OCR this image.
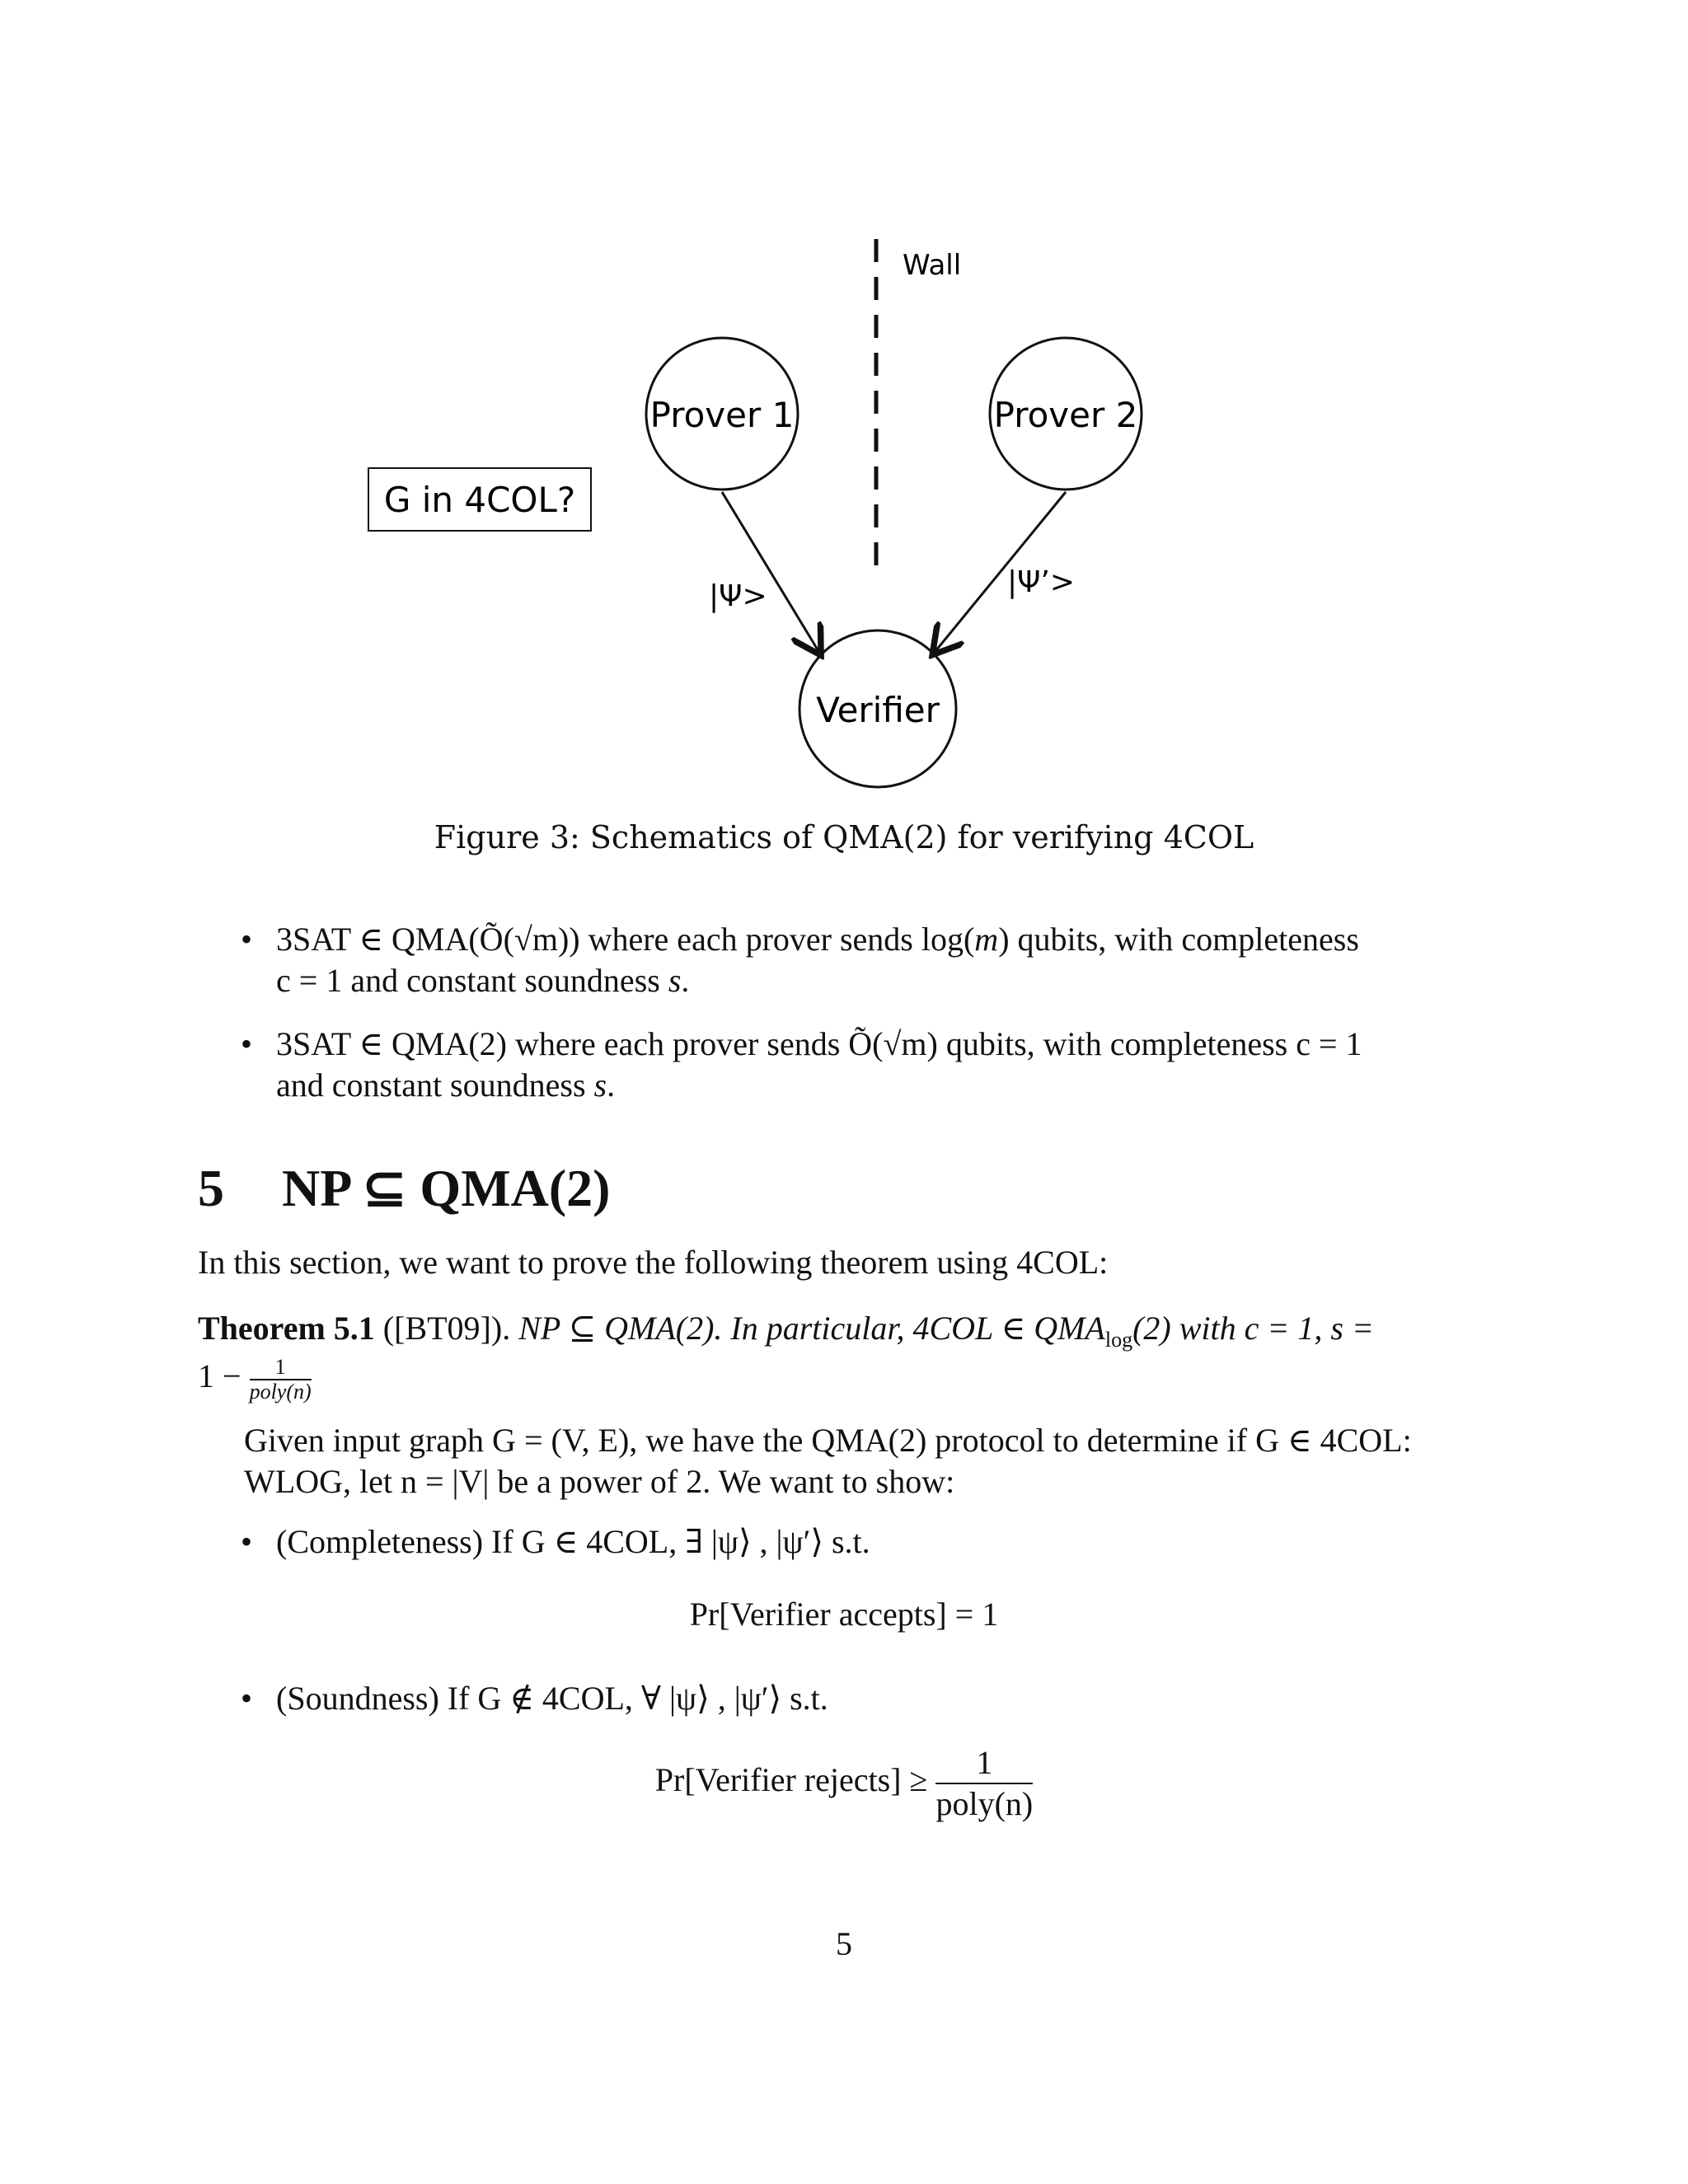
Wall
G in 4COL?
Prover 1	Prover 2
Verifier
|Ψ>	|Ψ’>
Figure 3: Schematics of QMA(2) for verifying 4COL
• 3SAT ∈ QMA(Õ(√m)) where each prover sends log(m) qubits, with completeness
c = 1 and constant soundness s.
• 3SAT ∈ QMA(2) where each prover sends Õ(√m) qubits, with completeness c = 1
and constant soundness s.
5 NP ⊆ QMA(2)
In this section, we want to prove the following theorem using 4COL:
Theorem 5.1 ([BT09]). NP ⊆ QMA(2). In particular, 4COL ∈ $QMA_{log}(2)$ with c = 1, s =
$1 - \frac{1}{\text{poly(n)}}$
Given input graph G = (V, E), we have the QMA(2) protocol to determine if G ∈ 4COL:
WLOG, let n = |V| be a power of 2. We want to show:
• (Completeness) If G ∈ 4COL, ∃ |ψ⟩ , |ψ′⟩ s.t.
Pr[Verifier accepts] = 1
• (Soundness) If G ∉ 4COL, ∀ |ψ⟩ , |ψ′⟩ s.t.
Pr[Verifier rejects] ≥ $\frac{1}{\text{poly(n)}}$
5
